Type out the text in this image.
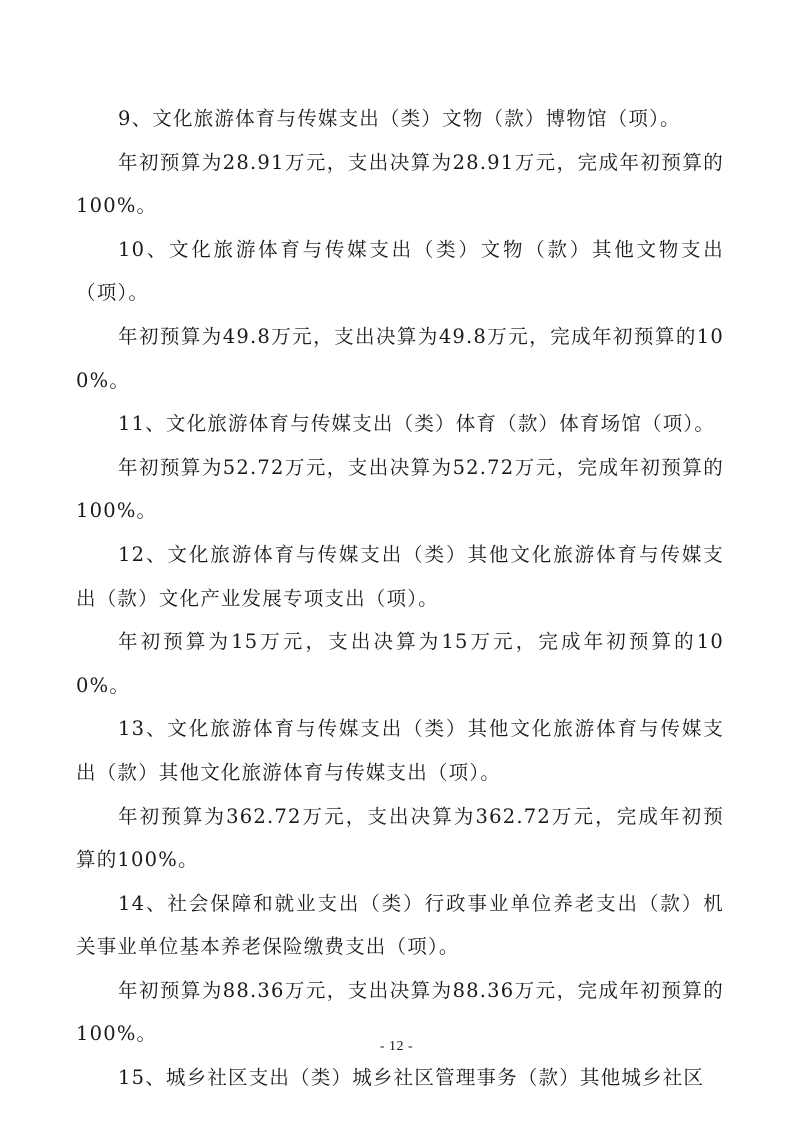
9、文化旅游体育与传媒支出（类）文物（款）博物馆（项）。

年初预算为28.91万元，支出决算为28.91万元，完成年初预算的100%。

10、文化旅游体育与传媒支出（类）文物（款）其他文物支出（项）。

年初预算为49.8万元，支出决算为49.8万元，完成年初预算的100%。

11、文化旅游体育与传媒支出（类）体育（款）体育场馆（项）。

年初预算为52.72万元，支出决算为52.72万元，完成年初预算的100%。

12、文化旅游体育与传媒支出（类）其他文化旅游体育与传媒支出（款）文化产业发展专项支出（项）。

年初预算为15万元，支出决算为15万元，完成年初预算的100%。

13、文化旅游体育与传媒支出（类）其他文化旅游体育与传媒支出（款）其他文化旅游体育与传媒支出（项）。

年初预算为362.72万元，支出决算为362.72万元，完成年初预算的100%。

14、社会保障和就业支出（类）行政事业单位养老支出（款）机关事业单位基本养老保险缴费支出（项）。

年初预算为88.36万元，支出决算为88.36万元，完成年初预算的100%。

15、城乡社区支出（类）城乡社区管理事务（款）其他城乡社区

- 12 -
